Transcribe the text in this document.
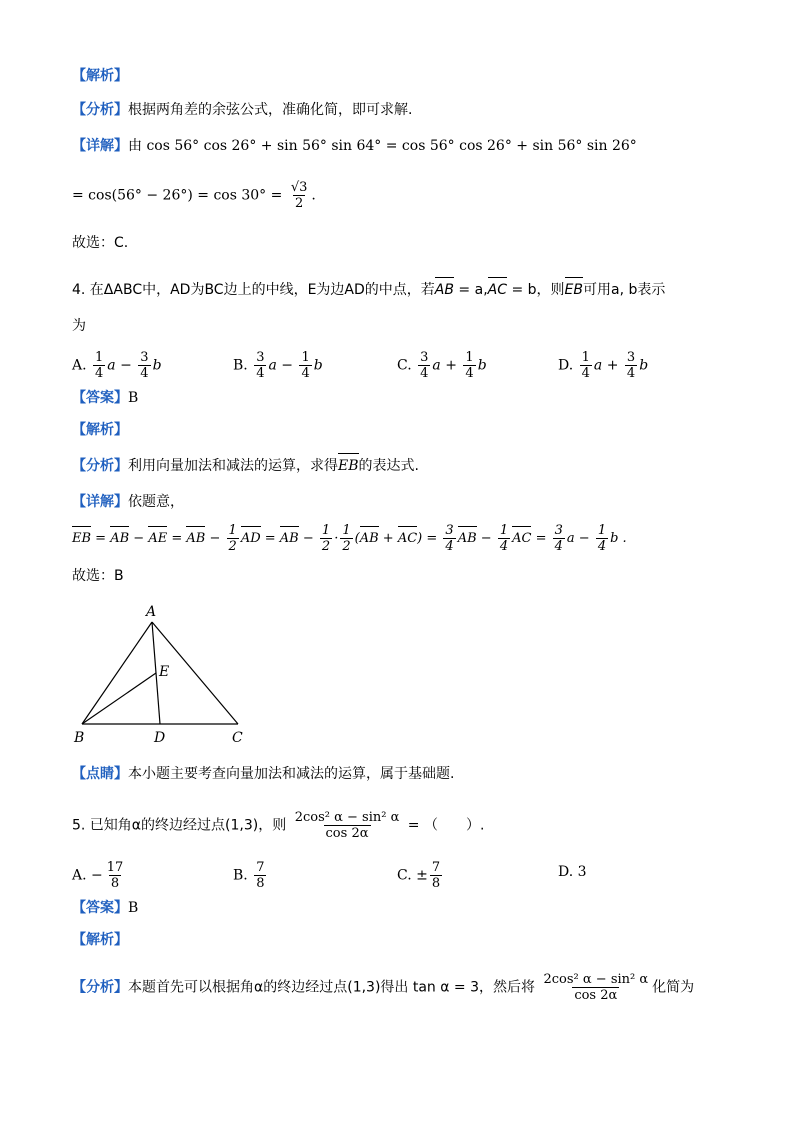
【解析】
【分析】根据两角差的余弦公式，准确化简，即可求解.
【详解】由 cos 56° cos 26° + sin 56° sin 64° = cos 56° cos 26° + sin 56° sin 26°
= $\cos(56^\circ - 26^\circ) = \cos 30^\circ = \frac{√3}{2}$ .
故选：C.
4. 在ΔABC中，AD为BC边上的中线，E为边AD的中点，若AB = a,AC = b，则EB可用a, b表示
为
A. $\frac{1}{4}$ $a - \frac{3}{4}$ b	B. $\frac{3}{4}$ $a - \frac{1}{4}$ b	C. $\frac{3}{4}$ $a + \frac{1}{4}$ b	D. $\frac{1}{4}$ $a + \frac{3}{4}$ b
【答案】B
【解析】
【分析】利用向量加法和减法的运算，求得EB的表达式.
【详解】依题意，
EB = AB − AE = AB − $\frac{1}{2}$ AD = AB − $\frac{1}{2} \cdot \frac{1}{2} (AB + AC) = \frac{3}{4}$ AB − $\frac{1}{4}$ AC = $\frac{3}{4}$ $a - \frac{1}{4}$ b .
故选：B
A
B	C
D
E
【点睛】本小题主要考查向量加法和减法的运算，属于基础题.
5. 已知角α的终边经过点(1,3)，则 $\frac{\text{2cos² α − sin² α}}{\cos 2\alpha}$ = （　　）.
A. − $\frac{17}{8}$	B. $\frac{7}{8}$	C. ± $\frac{7}{8}$	D. 3
【答案】B
【解析】
【分析】本题首先可以根据角α的终边经过点(1,3)得出 tan α = 3，然后将 $\frac{\text{2cos² α − sin² α}}{\cos 2\alpha}$ 化简为
